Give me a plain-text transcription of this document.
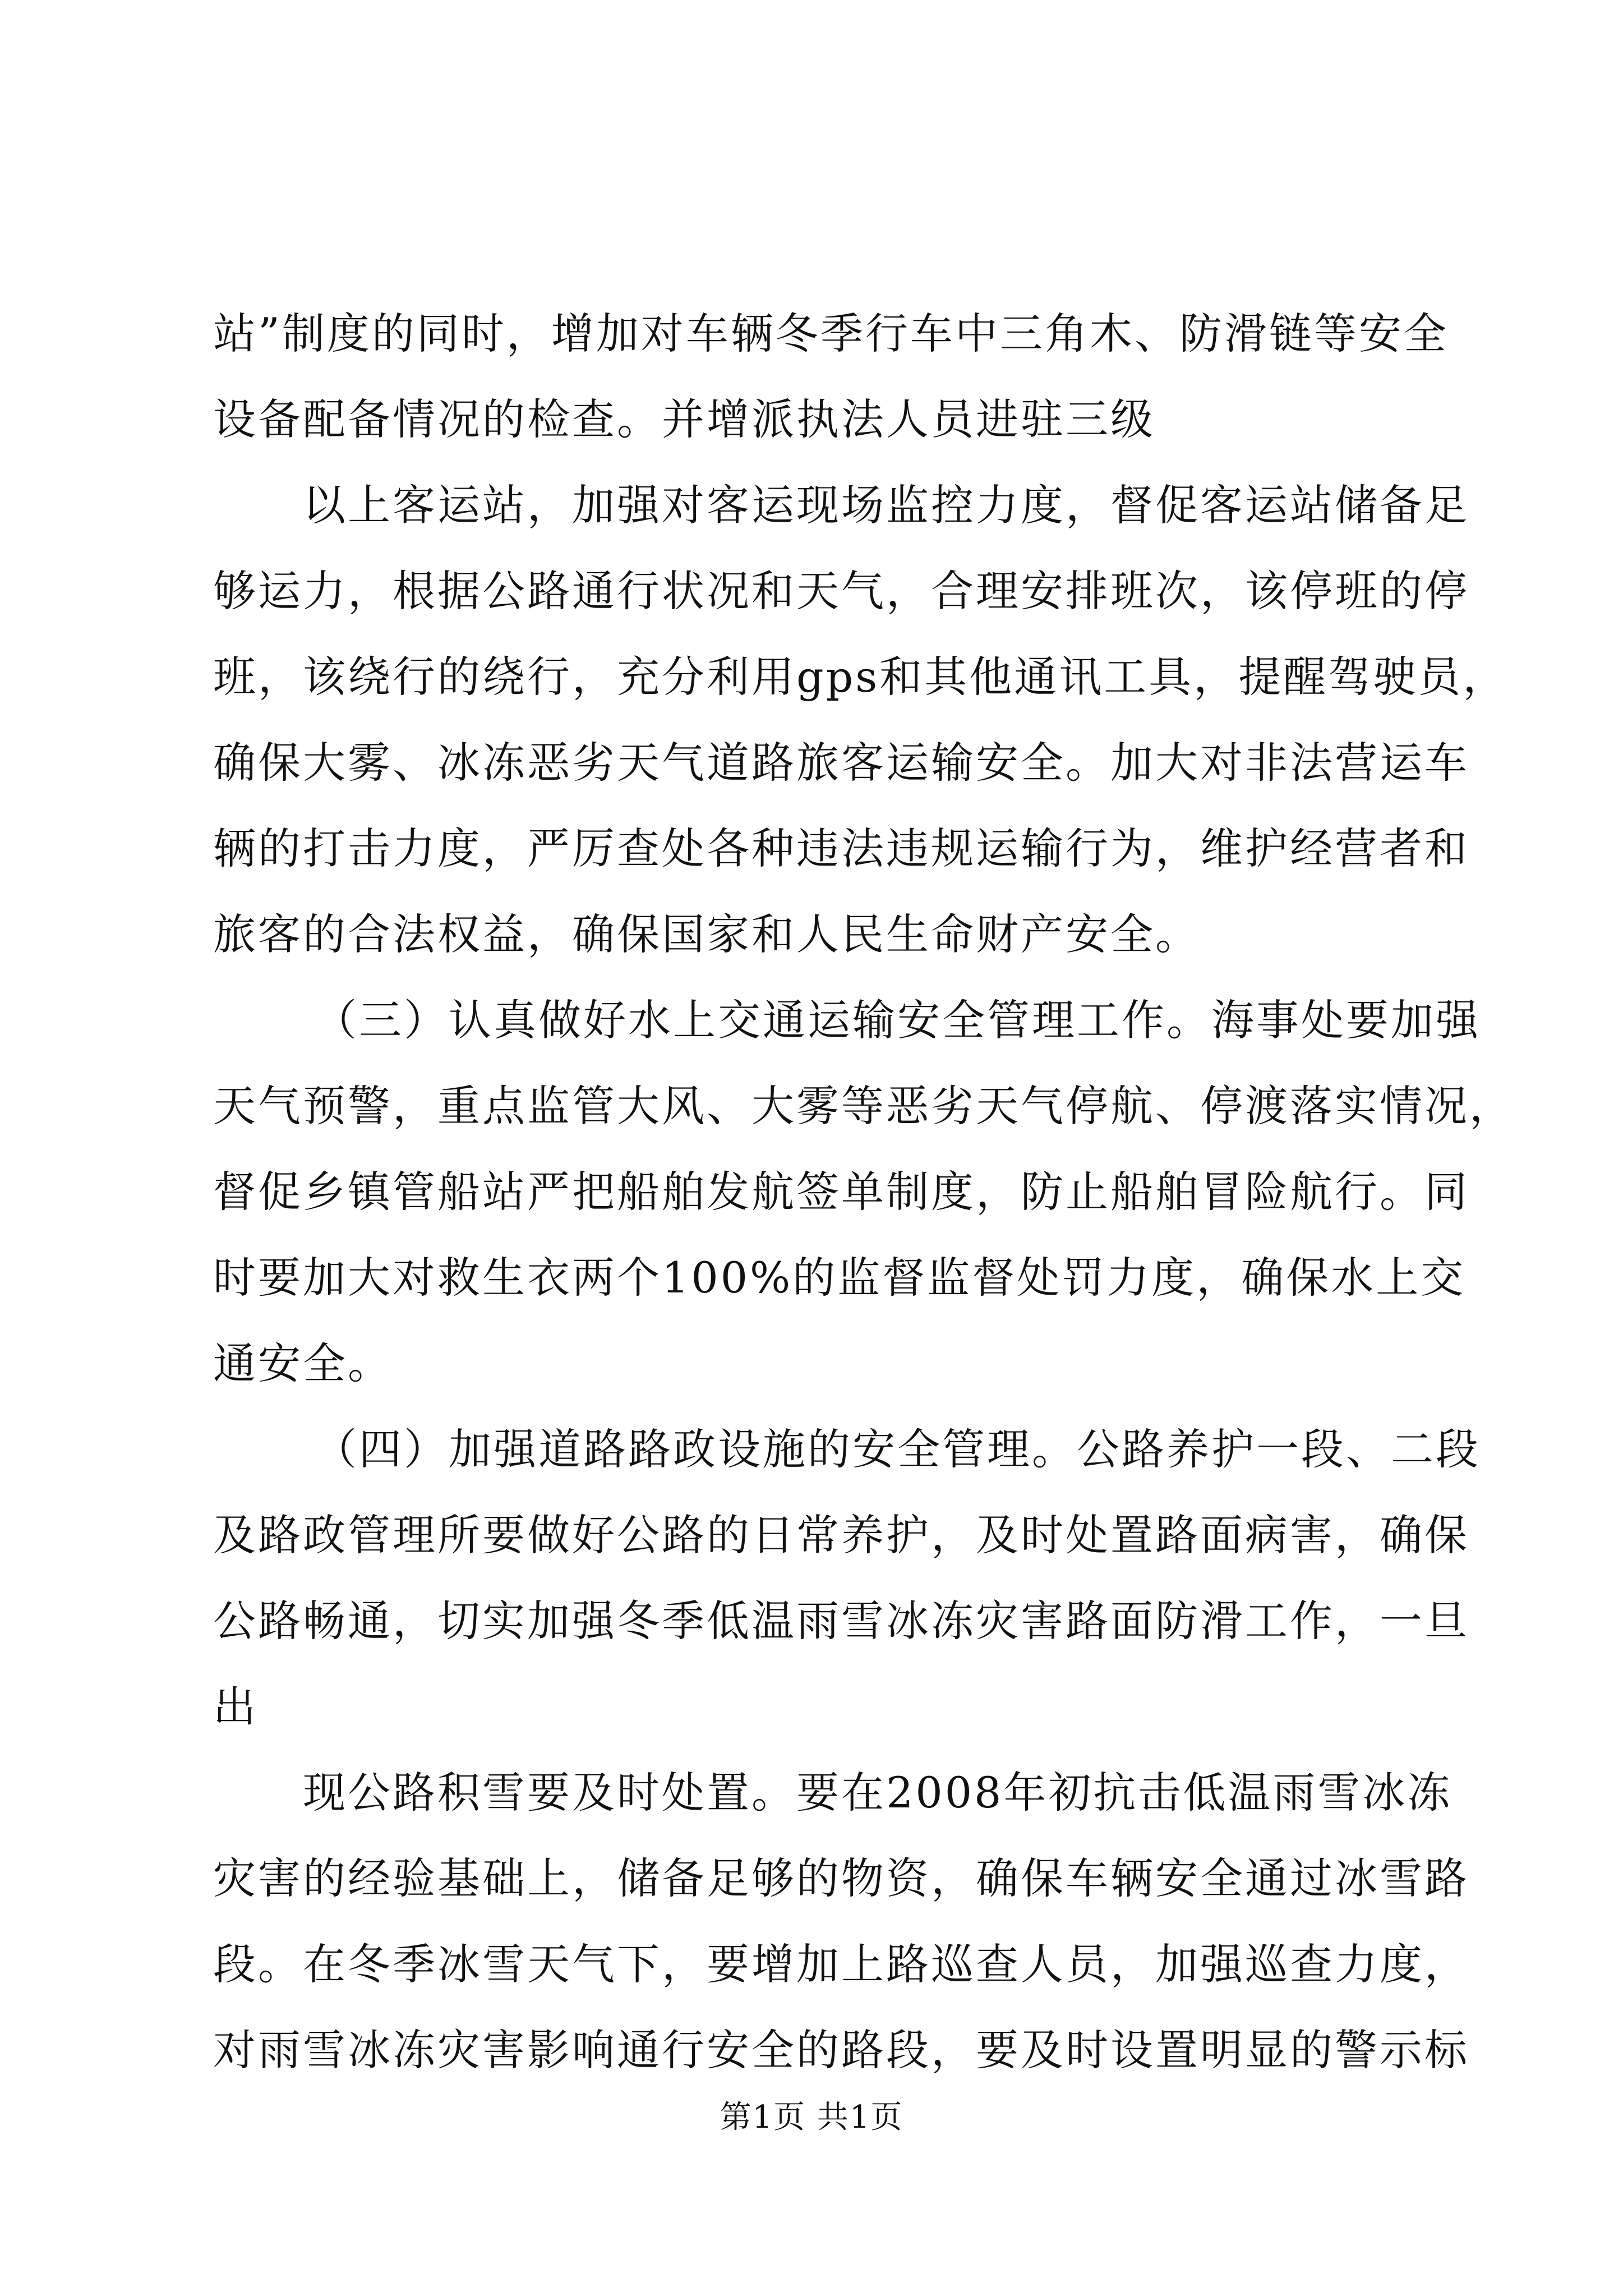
站”制度的同时，增加对车辆冬季行车中三角木、防滑链等安全
设备配备情况的检查。并增派执法人员进驻三级
以上客运站，加强对客运现场监控力度，督促客运站储备足
够运力，根据公路通行状况和天气，合理安排班次，该停班的停
班，该绕行的绕行，充分利用gps和其他通讯工具，提醒驾驶员，
确保大雾、冰冻恶劣天气道路旅客运输安全。加大对非法营运车
辆的打击力度，严厉查处各种违法违规运输行为，维护经营者和
旅客的合法权益，确保国家和人民生命财产安全。
（三）认真做好水上交通运输安全管理工作。海事处要加强
天气预警，重点监管大风、大雾等恶劣天气停航、停渡落实情况，
督促乡镇管船站严把船舶发航签单制度，防止船舶冒险航行。同
时要加大对救生衣两个100%的监督监督处罚力度，确保水上交
通安全。
（四）加强道路路政设施的安全管理。公路养护一段、二段
及路政管理所要做好公路的日常养护，及时处置路面病害，确保
公路畅通，切实加强冬季低温雨雪冰冻灾害路面防滑工作，一旦
出
现公路积雪要及时处置。要在2008年初抗击低温雨雪冰冻
灾害的经验基础上，储备足够的物资，确保车辆安全通过冰雪路
段。在冬季冰雪天气下，要增加上路巡查人员，加强巡查力度，
对雨雪冰冻灾害影响通行安全的路段，要及时设置明显的警示标
第1页 共1页
